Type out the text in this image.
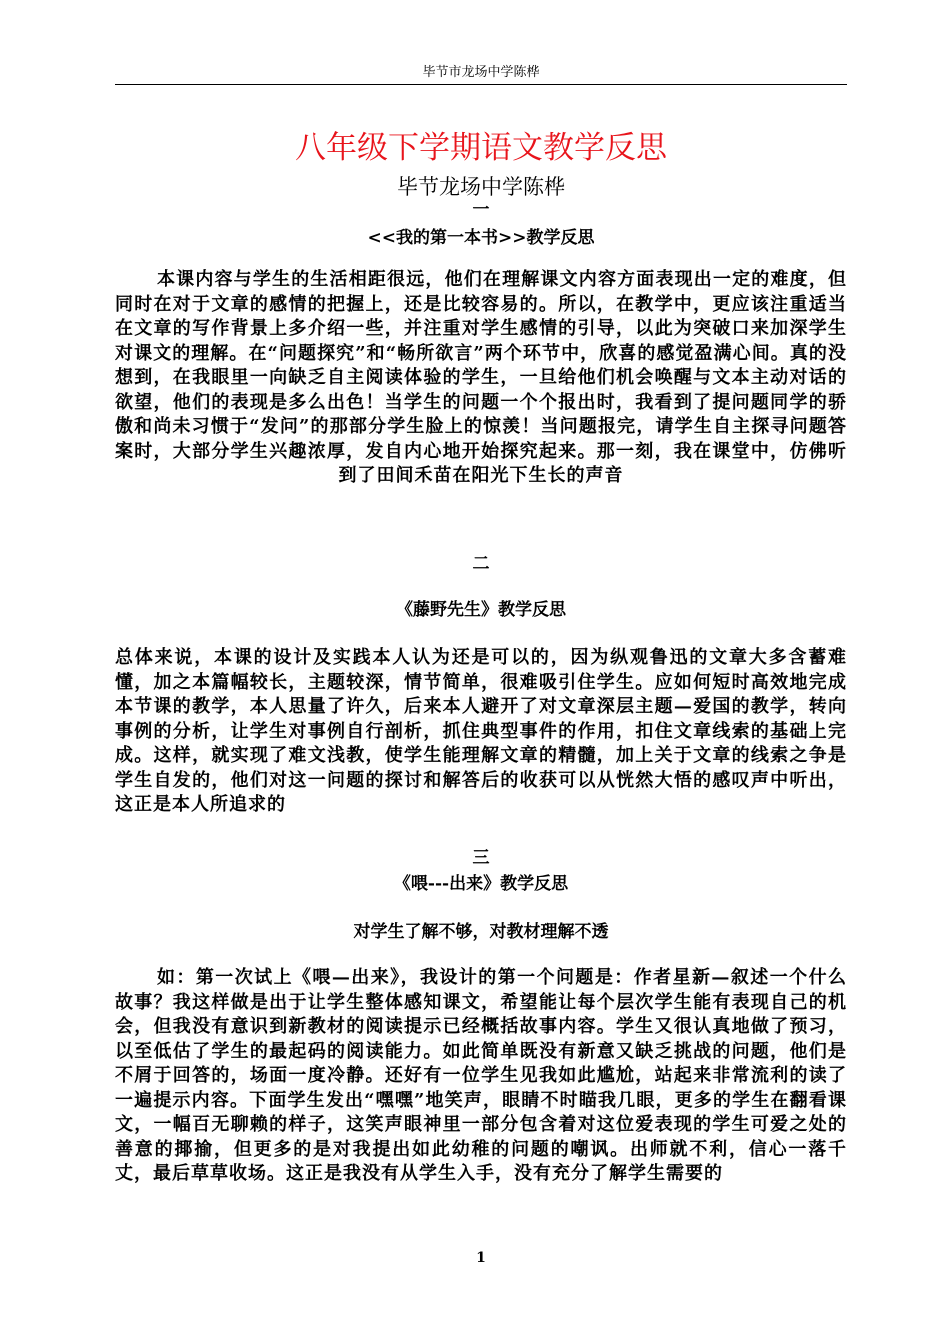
毕节市龙场中学陈桦
八年级下学期语文教学反思
毕节龙场中学陈桦

一

<<我的第一本书>>教学反思

本课内容与学生的生活相距很远，他们在理解课文内容方面表现出一定的难度，但同时在对于文章的感情的把握上，还是比较容易的。所以，在教学中，更应该注重适当在文章的写作背景上多介绍一些，并注重对学生感情的引导，以此为突破口来加深学生对课文的理解。在“问题探究”和“畅所欲言”两个环节中，欣喜的感觉盈满心间。真的没想到，在我眼里一向缺乏自主阅读体验的学生，一旦给他们机会唤醒与文本主动对话的欲望，他们的表现是多么出色！当学生的问题一个个报出时，我看到了提问题同学的骄傲和尚未习惯于“发问”的那部分学生脸上的惊羡！当问题报完，请学生自主探寻问题答案时，大部分学生兴趣浓厚，发自内心地开始探究起来。那一刻，我在课堂中，仿佛听到了田间禾苗在阳光下生长的声音

二

《藤野先生》教学反思

总体来说，本课的设计及实践本人认为还是可以的，因为纵观鲁迅的文章大多含蓄难懂，加之本篇幅较长，主题较深，情节简单，很难吸引住学生。应如何短时高效地完成本节课的教学，本人思量了许久，后来本人避开了对文章深层主题—爱国的教学，转向事例的分析，让学生对事例自行剖析，抓住典型事件的作用，扣住文章线索的基础上完成。这样，就实现了难文浅教，使学生能理解文章的精髓，加上关于文章的线索之争是学生自发的，他们对这一问题的探讨和解答后的收获可以从恍然大悟的感叹声中听出，这正是本人所追求的

三

《喂---出来》教学反思

对学生了解不够，对教材理解不透

如：第一次试上《喂—出来》，我设计的第一个问题是：作者星新—叙述一个什么故事？我这样做是出于让学生整体感知课文，希望能让每个层次学生能有表现自己的机会，但我没有意识到新教材的阅读提示已经概括故事内容。学生又很认真地做了预习，以至低估了学生的最起码的阅读能力。如此简单既没有新意又缺乏挑战的问题，他们是不屑于回答的，场面一度冷静。还好有一位学生见我如此尴尬，站起来非常流利的读了一遍提示内容。下面学生发出“嘿嘿”地笑声，眼睛不时瞄我几眼，更多的学生在翻看课文，一幅百无聊赖的样子，这笑声眼神里一部分包含着对这位爱表现的学生可爱之处的善意的揶揄，但更多的是对我提出如此幼稚的问题的嘲讽。出师就不利，信心一落千丈，最后草草收场。这正是我没有从学生入手，没有充分了解学生需要的

1
